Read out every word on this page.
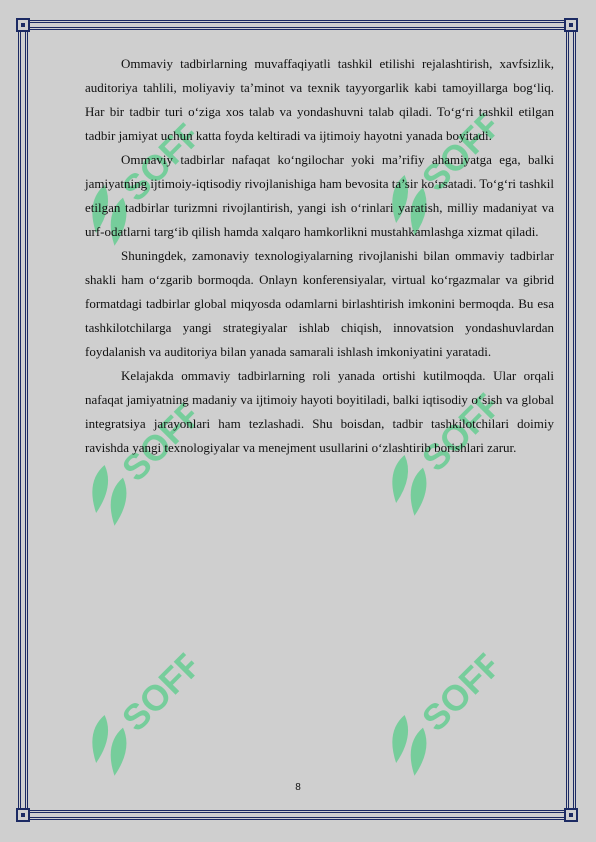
SOFF	SOFF
SOFF	SOFF
SOFF	SOFF

Ommaviy tadbirlarning muvaffaqiyatli tashkil etilishi rejalashtirish, xavfsizlik, auditoriya tahlili, moliyaviy ta’minot va texnik tayyorgarlik kabi tamoyillarga bog‘liq. Har bir tadbir turi o‘ziga xos talab va yondashuvni talab qiladi. To‘g‘ri tashkil etilgan tadbir jamiyat uchun katta foyda keltiradi va ijtimoiy hayotni yanada boyitadi.

Ommaviy tadbirlar nafaqat ko‘ngilochar yoki ma’rifiy ahamiyatga ega, balki jamiyatning ijtimoiy-iqtisodiy rivojlanishiga ham bevosita ta’sir ko‘rsatadi. To‘g‘ri tashkil etilgan tadbirlar turizmni rivojlantirish, yangi ish o‘rinlari yaratish, milliy madaniyat va urf-odatlarni targ‘ib qilish hamda xalqaro hamkorlikni mustahkamlashga xizmat qiladi.

Shuningdek, zamonaviy texnologiyalarning rivojlanishi bilan ommaviy tadbirlar shakli ham o‘zgarib bormoqda. Onlayn konferensiyalar, virtual ko‘rgazmalar va gibrid formatdagi tadbirlar global miqyosda odamlarni birlashtirish imkonini bermoqda. Bu esa tashkilotchilarga yangi strategiyalar ishlab chiqish, innovatsion yondashuvlardan foydalanish va auditoriya bilan yanada samarali ishlash imkoniyatini yaratadi.

Kelajakda ommaviy tadbirlarning roli yanada ortishi kutilmoqda. Ular orqali nafaqat jamiyatning madaniy va ijtimoiy hayoti boyitiladi, balki iqtisodiy o‘sish va global integratsiya jarayonlari ham tezlashadi. Shu boisdan, tadbir tashkilotchilari doimiy ravishda yangi texnologiyalar va menejment usullarini o‘zlashtirib borishlari zarur.

8
